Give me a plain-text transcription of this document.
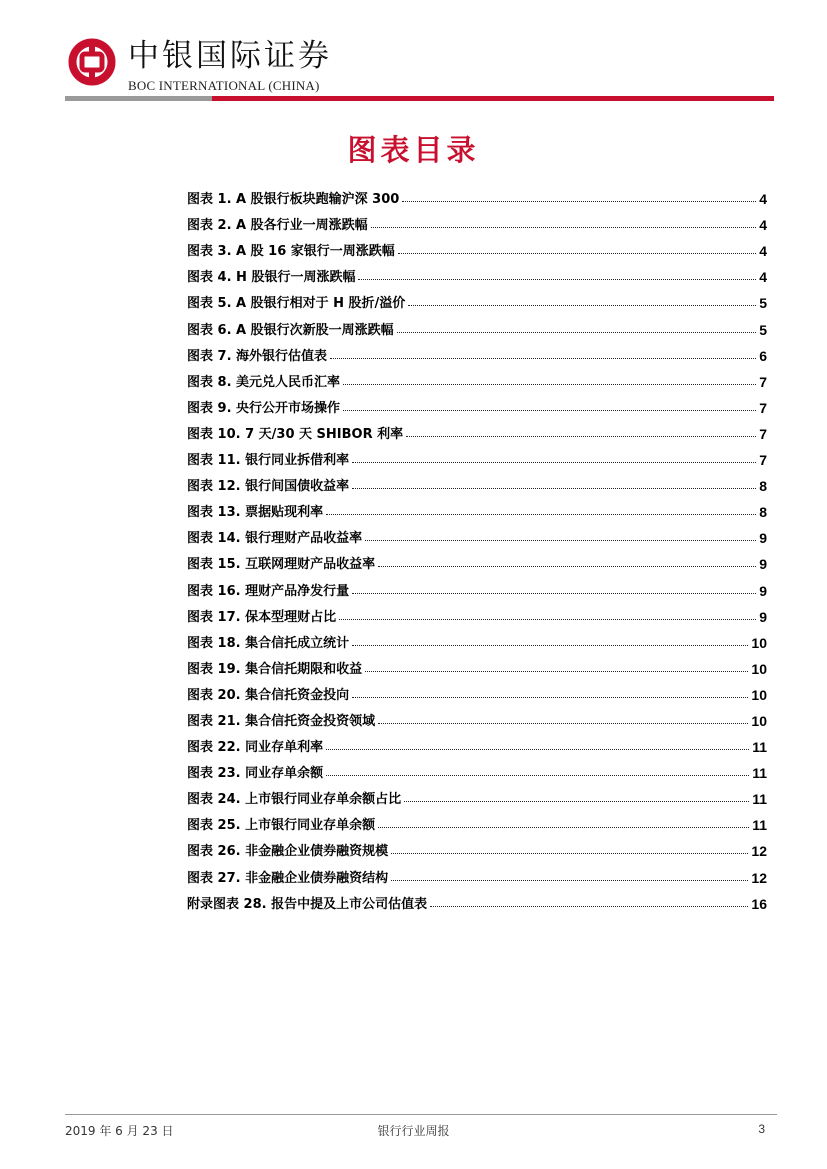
中银国际证券
BOC INTERNATIONAL (CHINA)
图表目录
图表 1. A 股银行板块跑输沪深 300	4
图表 2. A 股各行业一周涨跌幅	4
图表 3. A 股 16 家银行一周涨跌幅	4
图表 4. H 股银行一周涨跌幅	4
图表 5. A 股银行相对于 H 股折/溢价	5
图表 6. A 股银行次新股一周涨跌幅	5
图表 7. 海外银行估值表	6
图表 8. 美元兑人民币汇率	7
图表 9. 央行公开市场操作	7
图表 10. 7 天/30 天 SHIBOR 利率	7
图表 11. 银行同业拆借利率	7
图表 12. 银行间国债收益率	8
图表 13. 票据贴现利率	8
图表 14. 银行理财产品收益率	9
图表 15. 互联网理财产品收益率	9
图表 16. 理财产品净发行量	9
图表 17. 保本型理财占比	9
图表 18. 集合信托成立统计	10
图表 19. 集合信托期限和收益	10
图表 20. 集合信托资金投向	10
图表 21. 集合信托资金投资领域	10
图表 22. 同业存单利率	11
图表 23. 同业存单余额	11
图表 24. 上市银行同业存单余额占比	11
图表 25. 上市银行同业存单余额	11
图表 26. 非金融企业债券融资规模	12
图表 27. 非金融企业债券融资结构	12
附录图表 28. 报告中提及上市公司估值表	16
2019 年 6 月 23 日	银行行业周报	3
